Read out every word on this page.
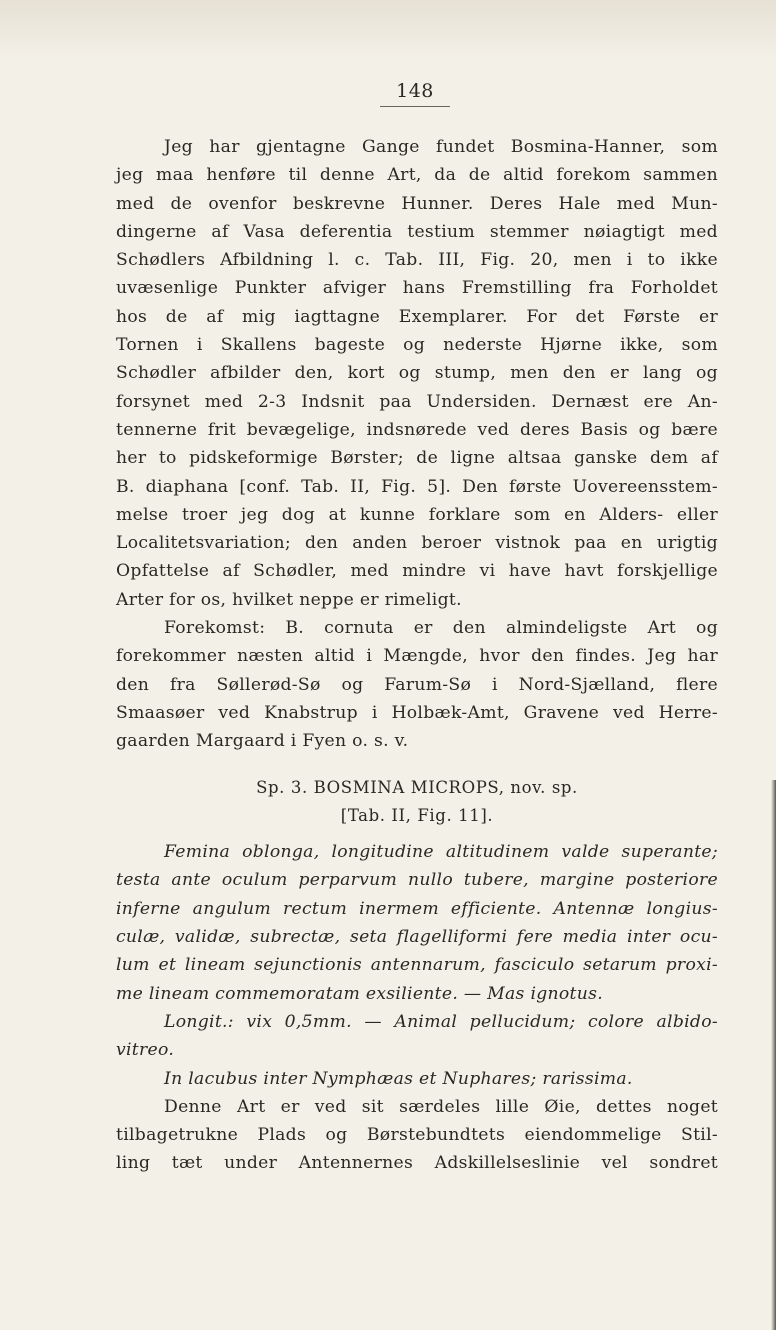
148
Jeg har gjentagne Gange fundet Bosmina-Hanner, som
jeg maa henføre til denne Art, da de altid forekom sammen
med de ovenfor beskrevne Hunner. Deres Hale med Mun-
dingerne af Vasa deferentia testium stemmer nøiagtigt med
Schødlers Afbildning l. c. Tab. III, Fig. 20, men i to ikke
uvæsenlige Punkter afviger hans Fremstilling fra Forholdet
hos de af mig iagttagne Exemplarer. For det Første er
Tornen i Skallens bageste og nederste Hjørne ikke, som
Schødler afbilder den, kort og stump, men den er lang og
forsynet med 2-3 Indsnit paa Undersiden. Dernæst ere An-
tennerne frit bevægelige, indsnørede ved deres Basis og bære
her to pidskeformige Børster; de ligne altsaa ganske dem af
B. diaphana [conf. Tab. II, Fig. 5]. Den første Uovereensstem-
melse troer jeg dog at kunne forklare som en Alders- eller
Localitetsvariation; den anden beroer vistnok paa en urigtig
Opfattelse af Schødler, med mindre vi have havt forskjellige
Arter for os, hvilket neppe er rimeligt.
Forekomst: B. cornuta er den almindeligste Art og
forekommer næsten altid i Mængde, hvor den findes. Jeg har
den fra Søllerød-Sø og Farum-Sø i Nord-Sjælland, flere
Smaasøer ved Knabstrup i Holbæk-Amt, Gravene ved Herre-
gaarden Margaard i Fyen o. s. v.
Sp. 3. BOSMINA MICROPS, nov. sp.
[Tab. II, Fig. 11].
Femina oblonga, longitudine altitudinem valde superante;
testa ante oculum perparvum nullo tubere, margine posteriore
inferne angulum rectum inermem efficiente. Antennæ longius-
culæ, validæ, subrectæ, seta flagelliformi fere media inter ocu-
lum et lineam sejunctionis antennarum, fasciculo setarum proxi-
me lineam commemoratam exsiliente. — Mas ignotus.
Longit.: vix 0,5mm. — Animal pellucidum; colore albido-
vitreo.
In lacubus inter Nymphæas et Nuphares; rarissima.
Denne Art er ved sit særdeles lille Øie, dettes noget
tilbagetrukne Plads og Børstebundtets eiendommelige Stil-
ling tæt under Antennernes Adskillelseslinie vel sondret
